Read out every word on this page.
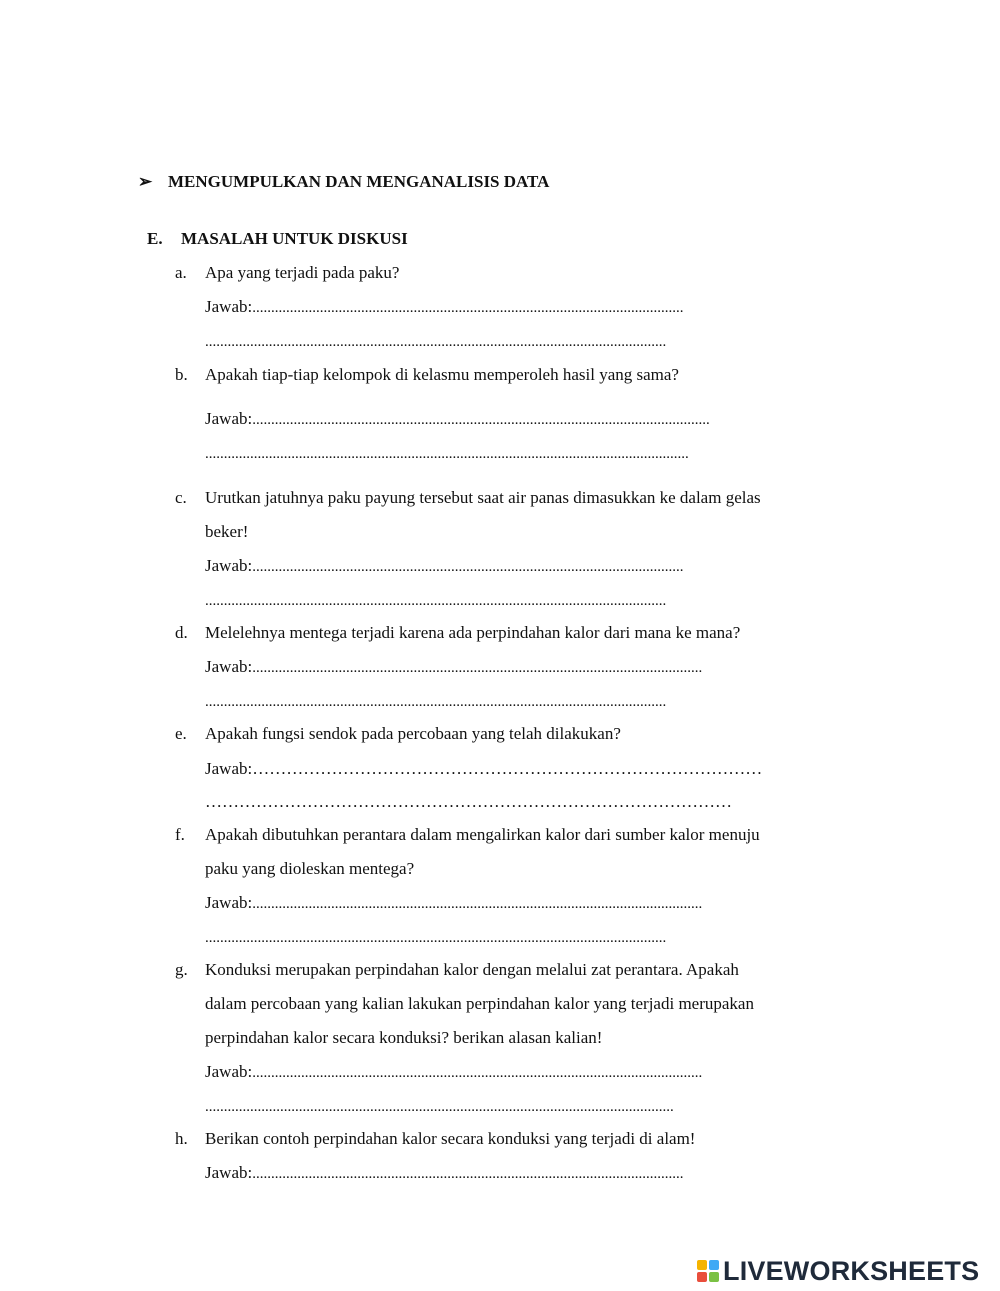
➢ MENGUMPULKAN DAN MENGANALISIS DATA
E. MASALAH UNTUK DISKUSI
a. Apa yang terjadi pada paku?
Jawab:...................................................................................................................
...........................................................................................................................
b. Apakah tiap-tiap kelompok di kelasmu memperoleh hasil yang sama?
Jawab:..........................................................................................................................
.................................................................................................................................
c. Urutkan jatuhnya paku payung tersebut saat air panas dimasukkan ke dalam gelas
beker!
Jawab:...................................................................................................................
...........................................................................................................................
d. Melelehnya mentega terjadi karena ada perpindahan kalor dari mana ke mana?
Jawab:........................................................................................................................
...........................................................................................................................
e. Apakah fungsi sendok pada percobaan yang telah dilakukan?
Jawab:………………………………………………………………………………
…………………………………………………………………………………
f. Apakah dibutuhkan perantara dalam mengalirkan kalor dari sumber kalor menuju
paku yang dioleskan mentega?
Jawab:........................................................................................................................
...........................................................................................................................
g. Konduksi merupakan perpindahan kalor dengan melalui zat perantara. Apakah
dalam percobaan yang kalian lakukan perpindahan kalor yang terjadi merupakan
perpindahan kalor secara konduksi? berikan alasan kalian!
Jawab:........................................................................................................................
.............................................................................................................................
h. Berikan contoh perpindahan kalor secara konduksi yang terjadi di alam!
Jawab:...................................................................................................................
LIVEWORKSHEETS
